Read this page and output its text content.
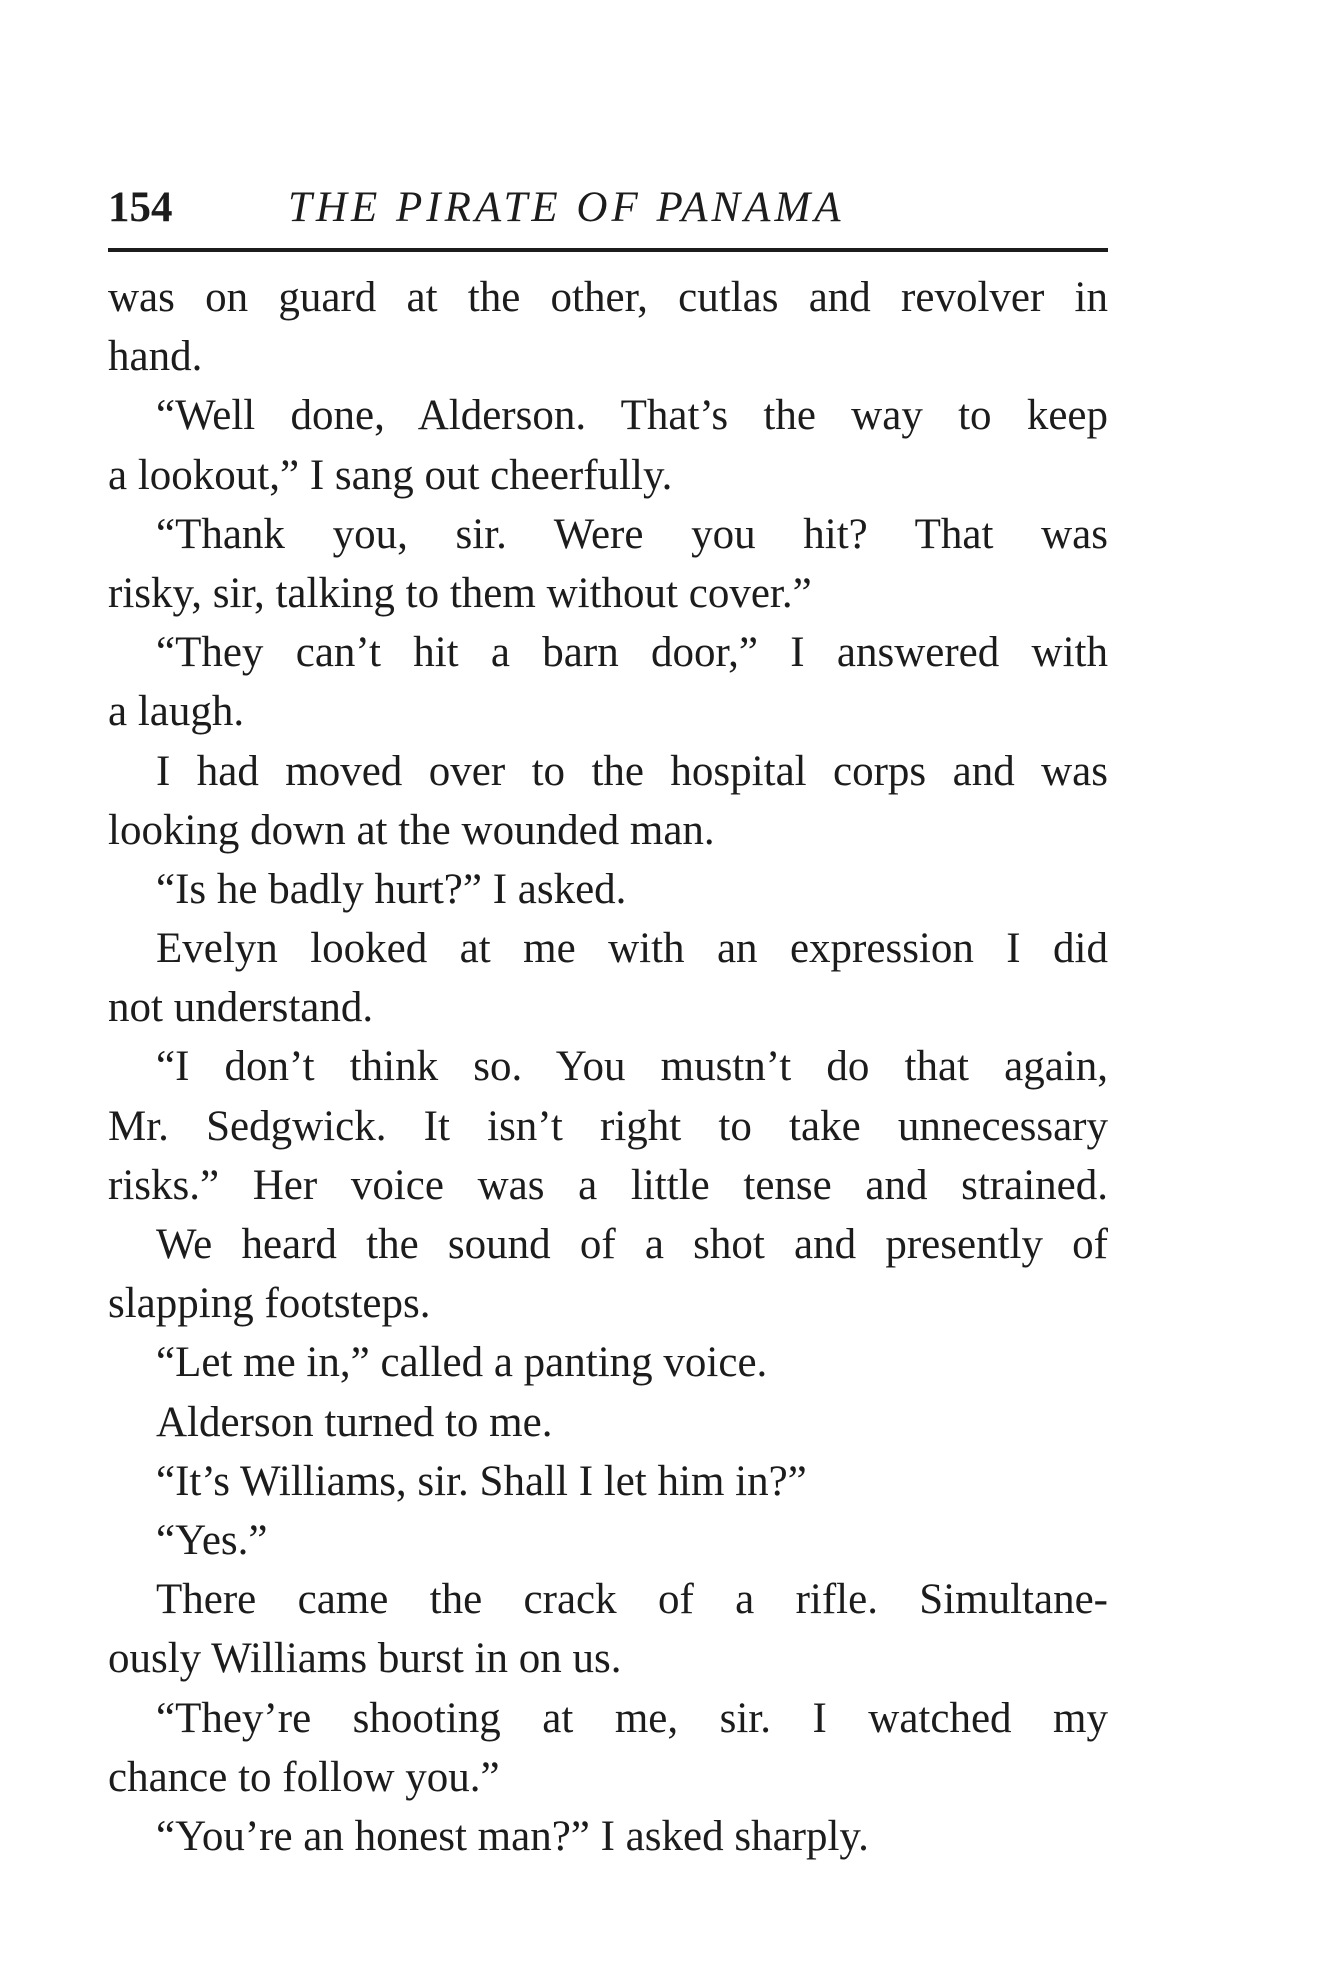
154	THE PIRATE OF PANAMA
was on guard at the other, cutlas and revolver in
hand.
“Well done, Alderson. That’s the way to keep
a lookout,” I sang out cheerfully.
“Thank you, sir. Were you hit? That was
risky, sir, talking to them without cover.”
“They can’t hit a barn door,” I answered with
a laugh.
I had moved over to the hospital corps and was
looking down at the wounded man.
“Is he badly hurt?” I asked.
Evelyn looked at me with an expression I did
not understand.
“I don’t think so. You mustn’t do that again,
Mr. Sedgwick. It isn’t right to take unnecessary
risks.” Her voice was a little tense and strained.
We heard the sound of a shot and presently of
slapping footsteps.
“Let me in,” called a panting voice.
Alderson turned to me.
“It’s Williams, sir. Shall I let him in?”
“Yes.”
There came the crack of a rifle. Simultane-
ously Williams burst in on us.
“They’re shooting at me, sir. I watched my
chance to follow you.”
“You’re an honest man?” I asked sharply.
